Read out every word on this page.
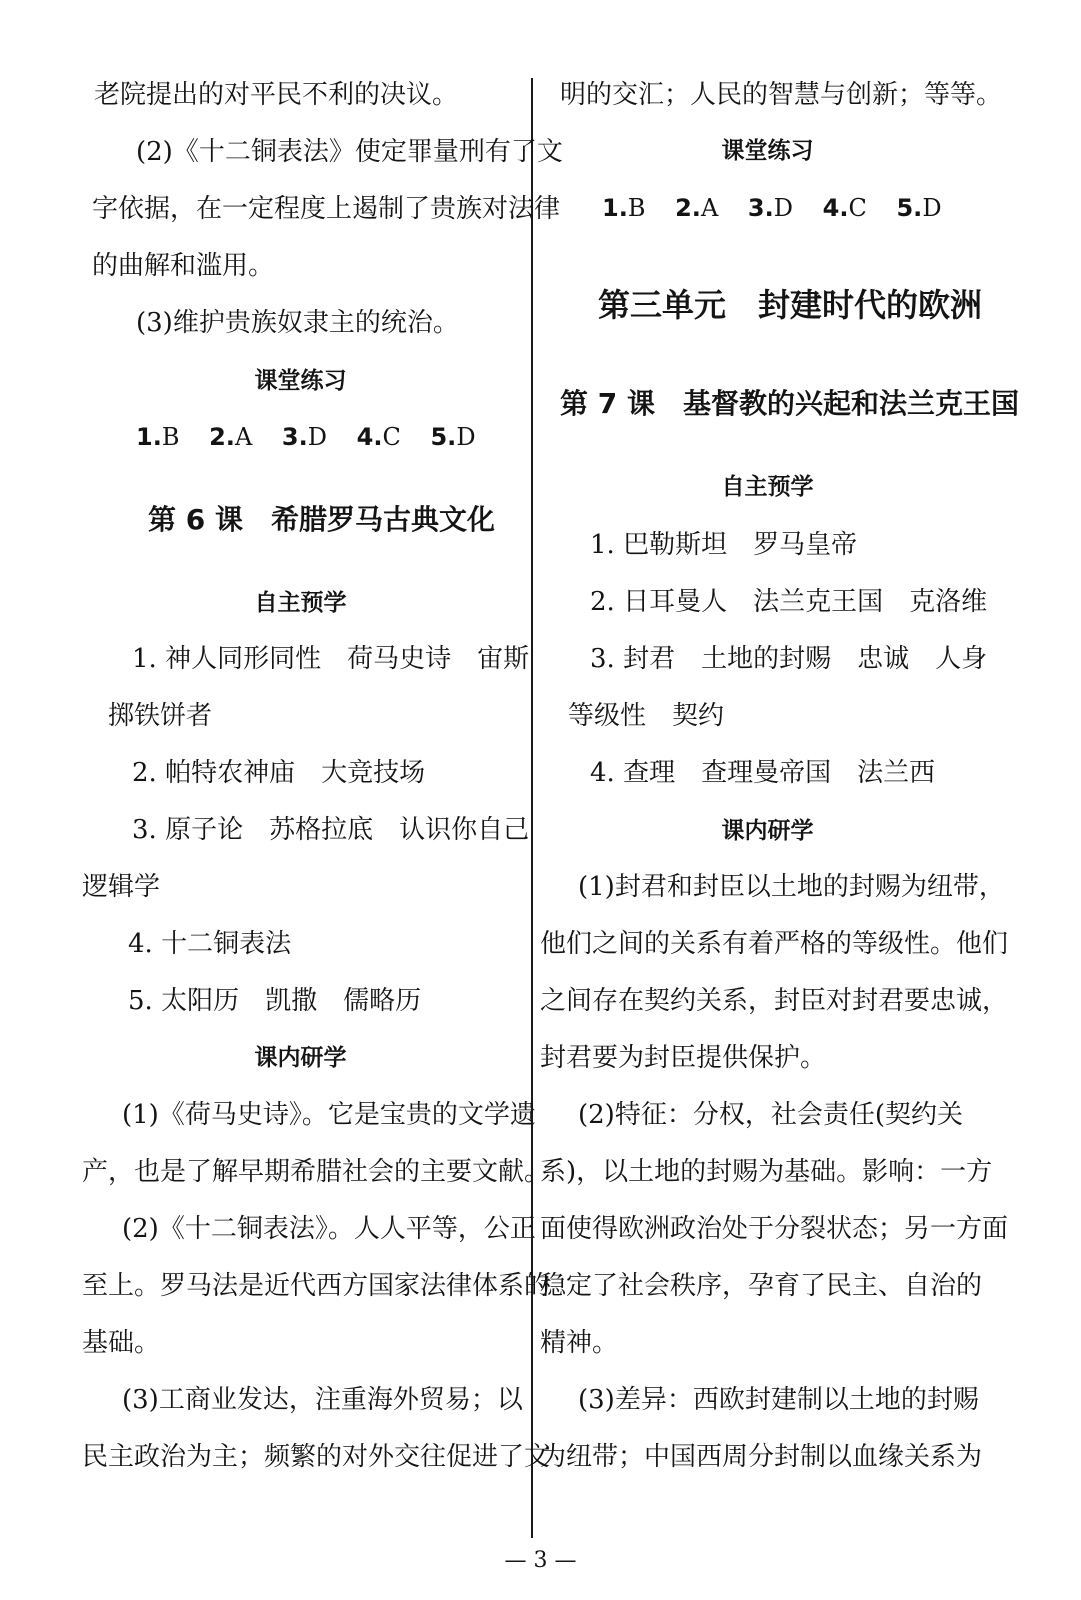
老院提出的对平民不利的决议。
(2)《十二铜表法》使定罪量刑有了文
字依据，在一定程度上遏制了贵族对法律
的曲解和滥用。
(3)维护贵族奴隶主的统治。
课堂练习
1.B 2.A 3.D 4.C 5.D
第 6 课　希腊罗马古典文化
自主预学
1. 神人同形同性　荷马史诗　宙斯
掷铁饼者
2. 帕特农神庙　大竞技场
3. 原子论　苏格拉底　认识你自己
逻辑学
4. 十二铜表法
5. 太阳历　凯撒　儒略历
课内研学
(1)《荷马史诗》。它是宝贵的文学遗
产，也是了解早期希腊社会的主要文献。
(2)《十二铜表法》。人人平等，公正
至上。罗马法是近代西方国家法律体系的
基础。
(3)工商业发达，注重海外贸易；以
民主政治为主；频繁的对外交往促进了文
明的交汇；人民的智慧与创新；等等。
课堂练习
1.B 2.A 3.D 4.C 5.D
第三单元　封建时代的欧洲
第 7 课　基督教的兴起和法兰克王国
自主预学
1. 巴勒斯坦　罗马皇帝
2. 日耳曼人　法兰克王国　克洛维
3. 封君　土地的封赐　忠诚　人身
等级性　契约
4. 查理　查理曼帝国　法兰西
课内研学
(1)封君和封臣以土地的封赐为纽带，
他们之间的关系有着严格的等级性。他们
之间存在契约关系，封臣对封君要忠诚，
封君要为封臣提供保护。
(2)特征：分权，社会责任(契约关
系)，以土地的封赐为基础。影响：一方
面使得欧洲政治处于分裂状态；另一方面
稳定了社会秩序，孕育了民主、自治的
精神。
(3)差异：西欧封建制以土地的封赐
为纽带；中国西周分封制以血缘关系为
— 3 —
